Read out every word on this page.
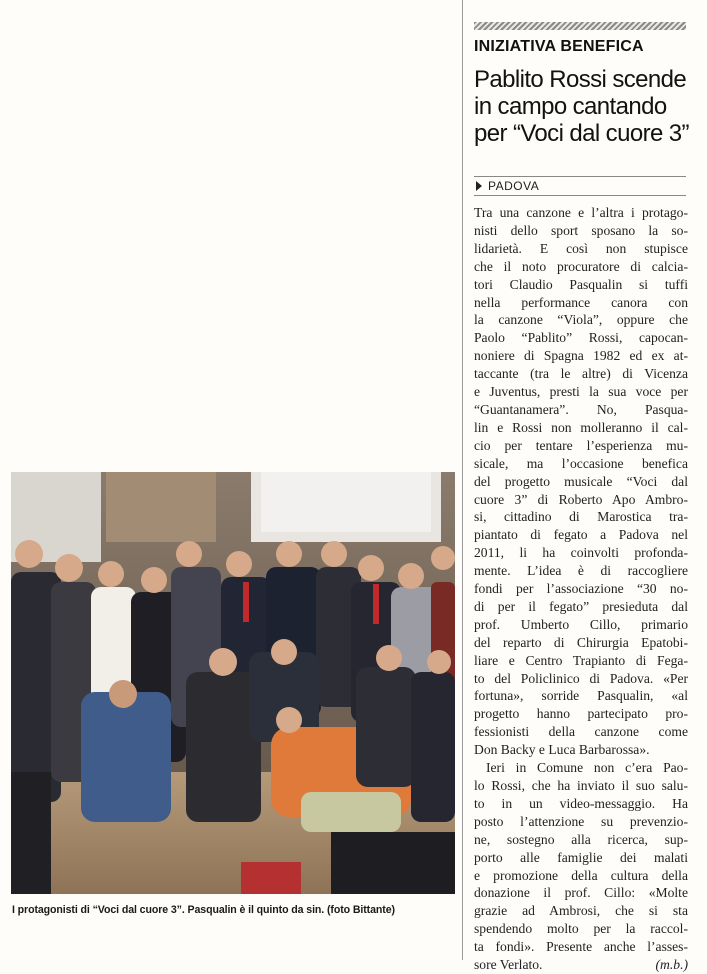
INIZIATIVA BENEFICA
Pablito Rossi scende
in campo cantando
per “Voci dal cuore 3”
PADOVA
Tra una canzone e l’altra i protago-
nisti dello sport sposano la so-
lidarietà. E così non stupisce
che il noto procuratore di calcia-
tori Claudio Pasqualin si tuffi
nella performance canora con
la canzone “Viola”, oppure che
Paolo “Pablito” Rossi, capocan-
noniere di Spagna 1982 ed ex at-
taccante (tra le altre) di Vicenza
e Juventus, presti la sua voce per
“Guantanamera”. No, Pasqua-
lin e Rossi non molleranno il cal-
cio per tentare l’esperienza mu-
sicale, ma l’occasione benefica
del progetto musicale “Voci dal
cuore 3” di Roberto Apo Ambro-
si, cittadino di Marostica tra-
piantato di fegato a Padova nel
2011, li ha coinvolti profonda-
mente. L’idea è di raccogliere
fondi per l’associazione “30 no-
di per il fegato” presieduta dal
prof. Umberto Cillo, primario
del reparto di Chirurgia Epatobi-
liare e Centro Trapianto di Fega-
to del Policlinico di Padova. «Per
fortuna», sorride Pasqualin, «al
progetto hanno partecipato pro-
fessionisti della canzone come
Don Backy e Luca Barbarossa».
Ieri in Comune non c’era Pao-
lo Rossi, che ha inviato il suo salu-
to in un video-messaggio. Ha
posto l’attenzione su prevenzio-
ne, sostegno alla ricerca, sup-
porto alle famiglie dei malati
e promozione della cultura della
donazione il prof. Cillo: «Molte
grazie ad Ambrosi, che si sta
spendendo molto per la raccol-
ta fondi». Presente anche l’asses-
sore Verlato.	(m.b.)
I protagonisti di “Voci dal cuore 3”. Pasqualin è il quinto da sin. (foto Bittante)
